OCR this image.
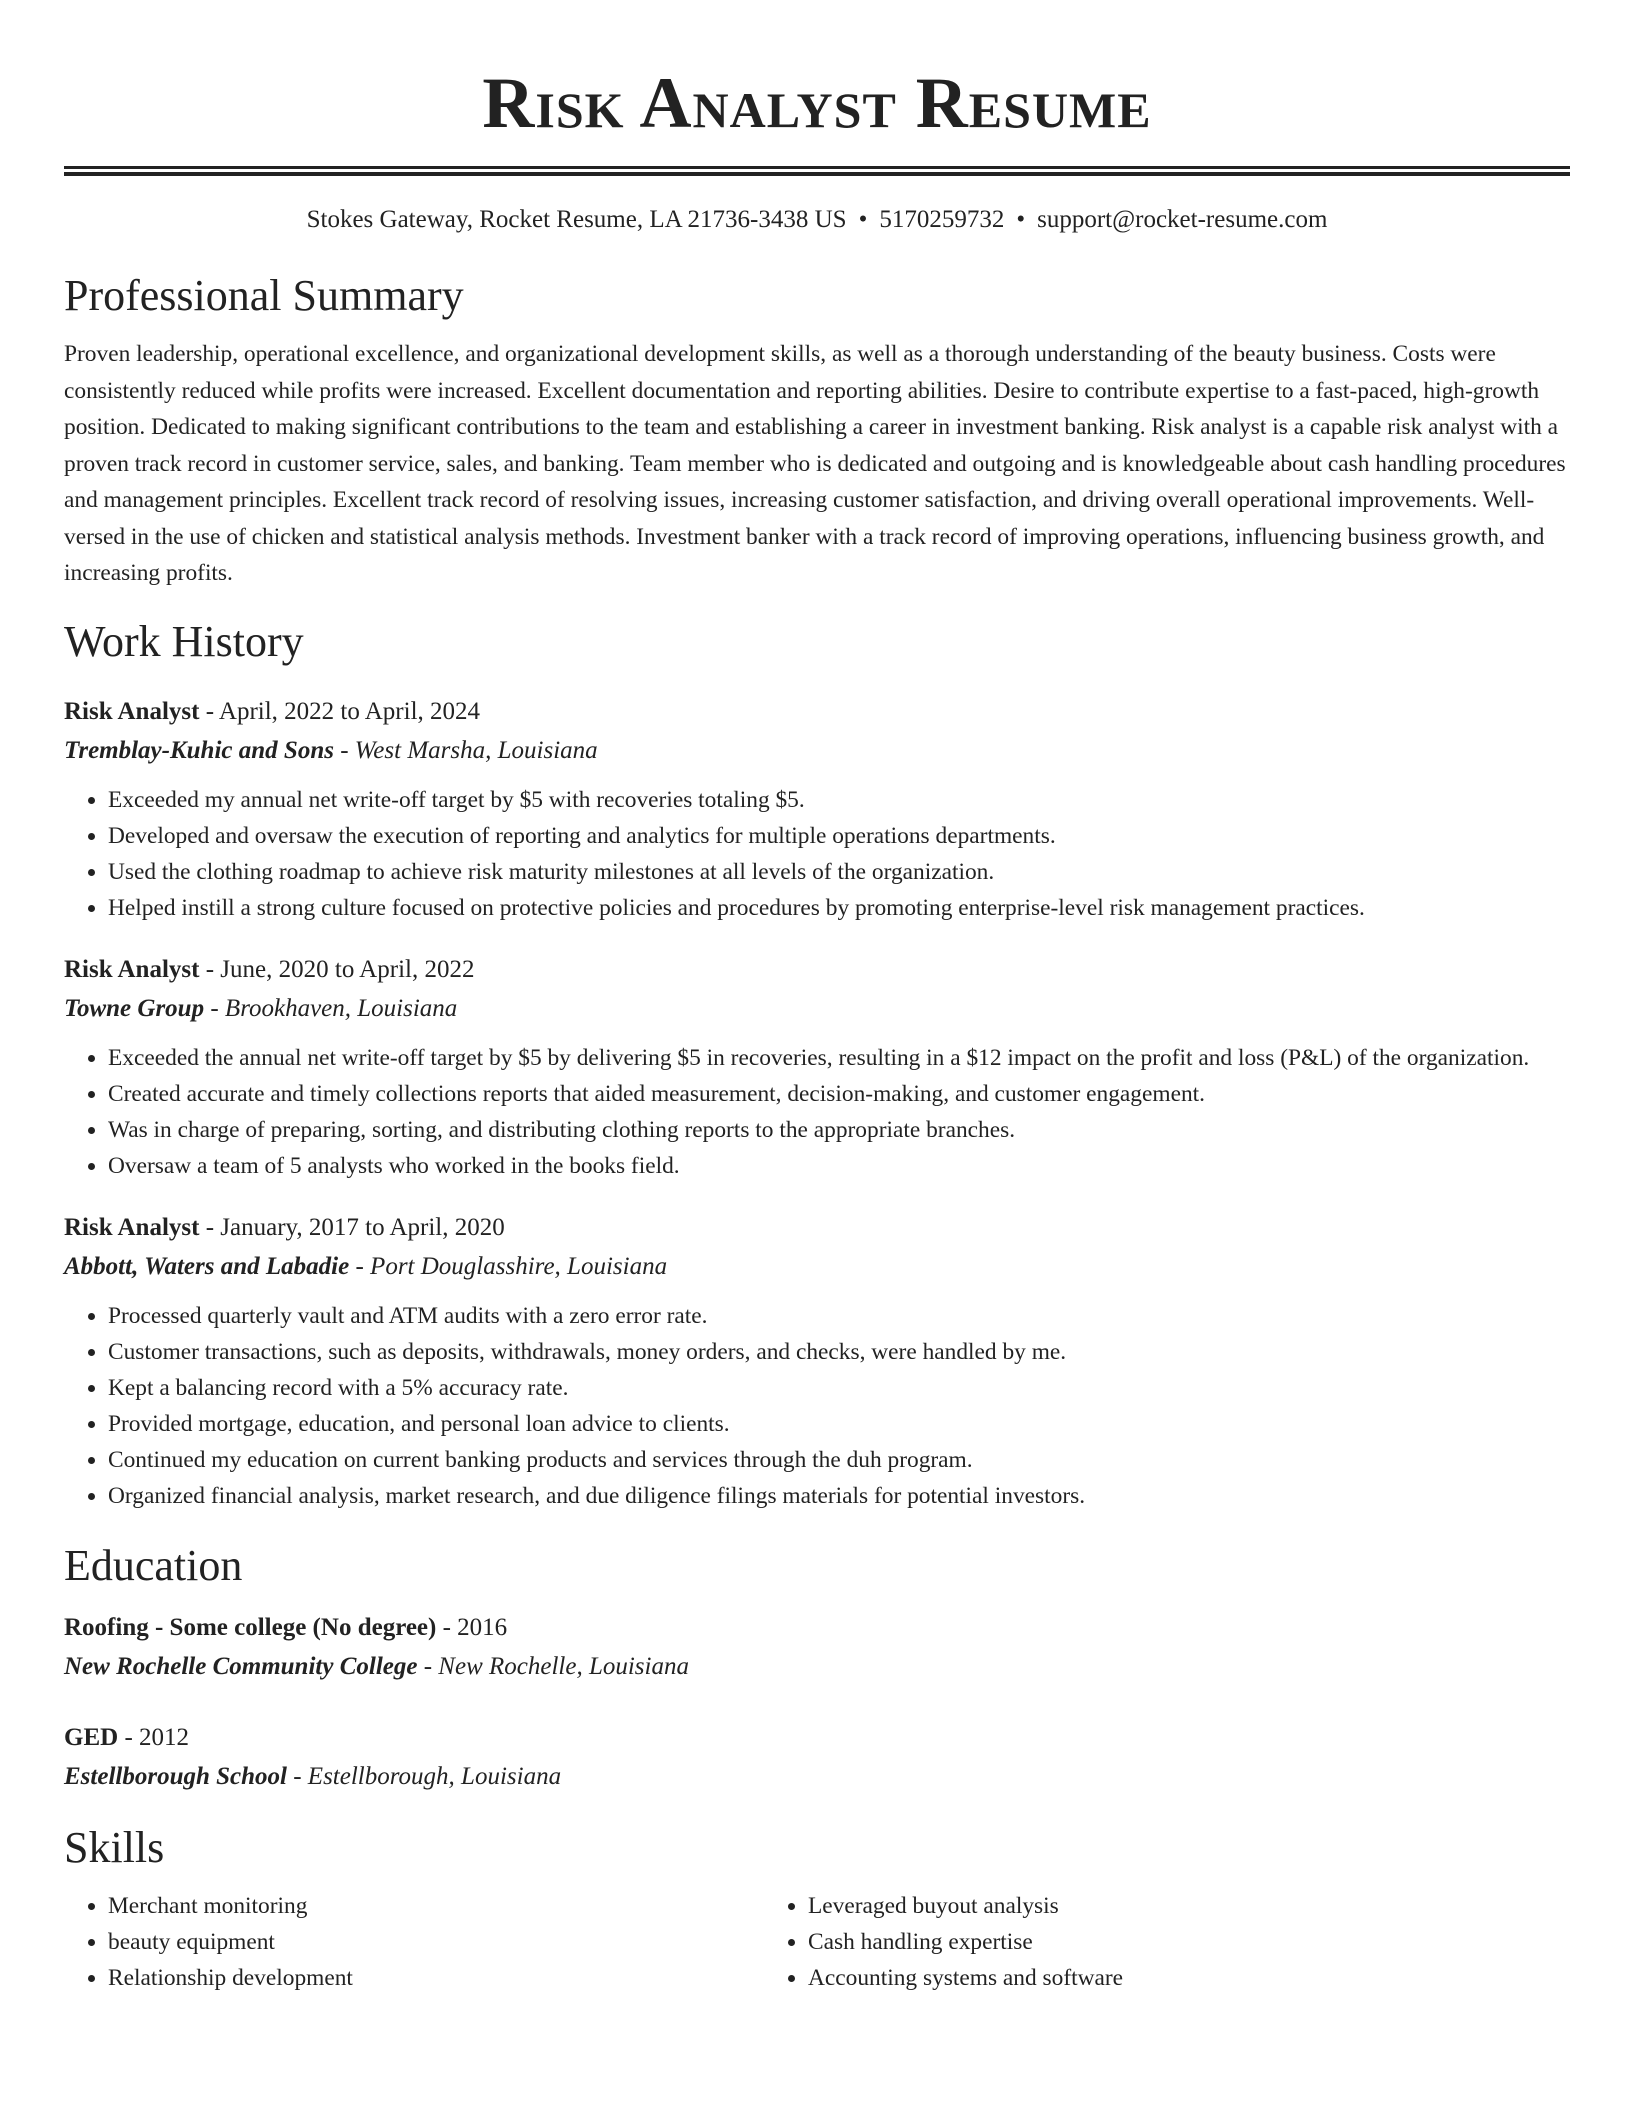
Risk Analyst Resume
Stokes Gateway, Rocket Resume, LA 21736-3438 US • 5170259732 • support@rocket-resume.com
Professional Summary
Proven leadership, operational excellence, and organizational development skills, as well as a thorough understanding of the beauty business. Costs were consistently reduced while profits were increased. Excellent documentation and reporting abilities. Desire to contribute expertise to a fast-paced, high-growth position. Dedicated to making significant contributions to the team and establishing a career in investment banking. Risk analyst is a capable risk analyst with a proven track record in customer service, sales, and banking. Team member who is dedicated and outgoing and is knowledgeable about cash handling procedures and management principles. Excellent track record of resolving issues, increasing customer satisfaction, and driving overall operational improvements. Well-versed in the use of chicken and statistical analysis methods. Investment banker with a track record of improving operations, influencing business growth, and increasing profits.
Work History
Risk Analyst - April, 2022 to April, 2024
Tremblay-Kuhic and Sons - West Marsha, Louisiana
• Exceeded my annual net write-off target by $5 with recoveries totaling $5.
• Developed and oversaw the execution of reporting and analytics for multiple operations departments.
• Used the clothing roadmap to achieve risk maturity milestones at all levels of the organization.
• Helped instill a strong culture focused on protective policies and procedures by promoting enterprise-level risk management practices.
Risk Analyst - June, 2020 to April, 2022
Towne Group - Brookhaven, Louisiana
• Exceeded the annual net write-off target by $5 by delivering $5 in recoveries, resulting in a $12 impact on the profit and loss (P&L) of the organization.
• Created accurate and timely collections reports that aided measurement, decision-making, and customer engagement.
• Was in charge of preparing, sorting, and distributing clothing reports to the appropriate branches.
• Oversaw a team of 5 analysts who worked in the books field.
Risk Analyst - January, 2017 to April, 2020
Abbott, Waters and Labadie - Port Douglasshire, Louisiana
• Processed quarterly vault and ATM audits with a zero error rate.
• Customer transactions, such as deposits, withdrawals, money orders, and checks, were handled by me.
• Kept a balancing record with a 5% accuracy rate.
• Provided mortgage, education, and personal loan advice to clients.
• Continued my education on current banking products and services through the duh program.
• Organized financial analysis, market research, and due diligence filings materials for potential investors.
Education
Roofing - Some college (No degree) - 2016
New Rochelle Community College - New Rochelle, Louisiana
GED - 2012
Estellborough School - Estellborough, Louisiana
Skills
• Merchant monitoring
• beauty equipment
• Relationship development
• Leveraged buyout analysis
• Cash handling expertise
• Accounting systems and software
